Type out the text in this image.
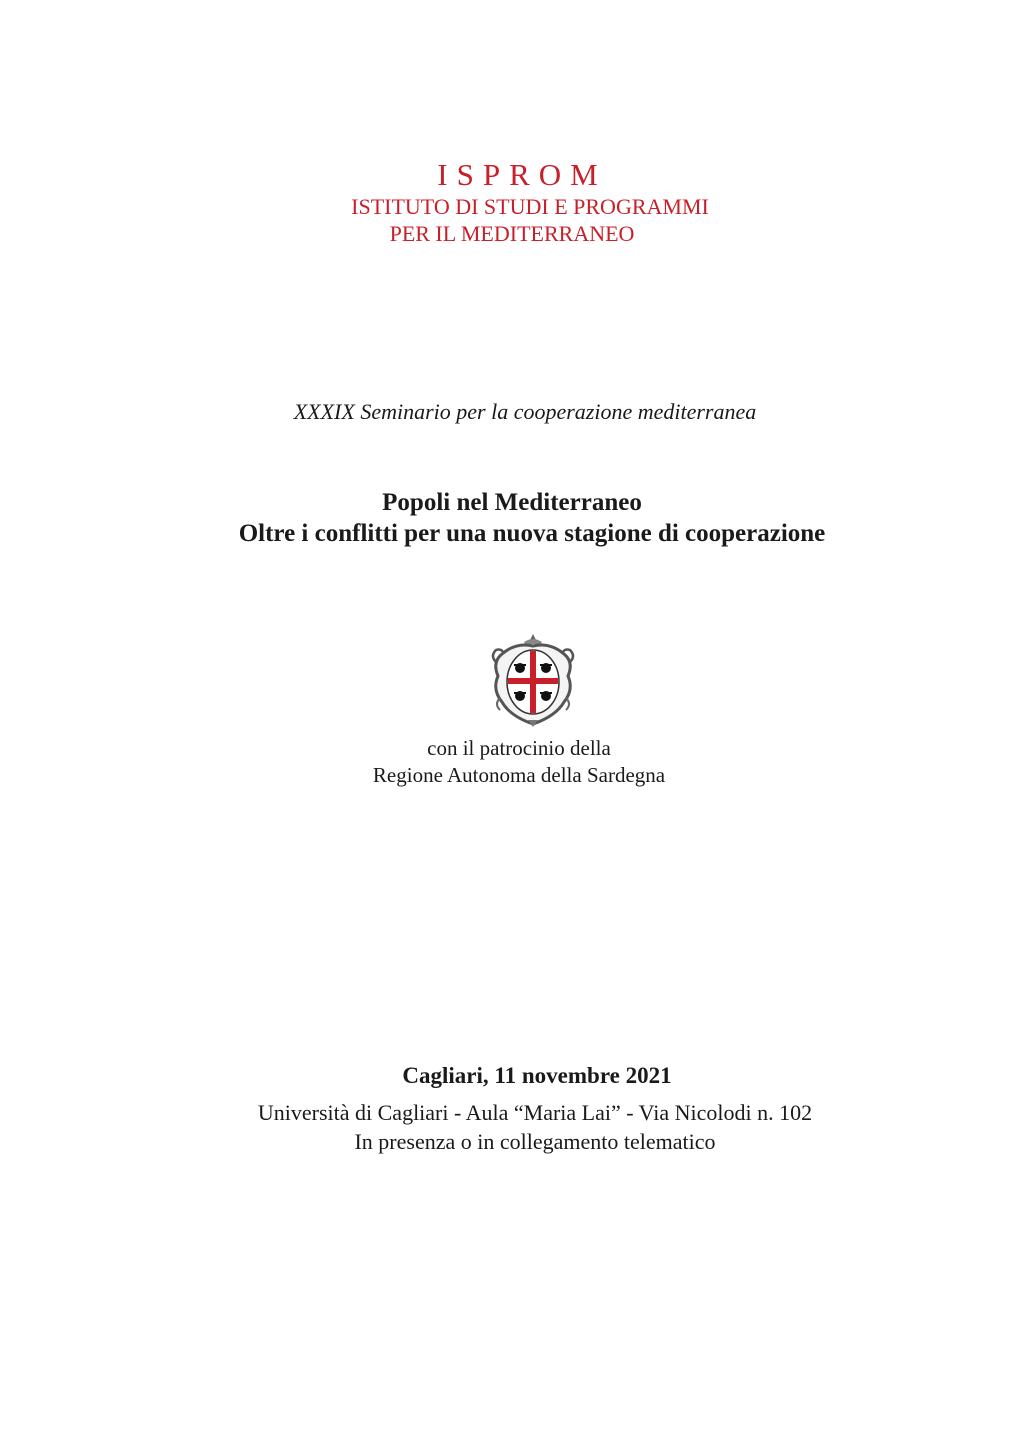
ISPROM
ISTITUTO DI STUDI E PROGRAMMI
PER IL MEDITERRANEO
XXXIX Seminario per la cooperazione mediterranea
Popoli nel Mediterraneo
Oltre i conflitti per una nuova stagione di cooperazione
con il patrocinio della
Regione Autonoma della Sardegna
Cagliari, 11 novembre 2021
Università di Cagliari - Aula “Maria Lai” - Via Nicolodi n. 102
In presenza o in collegamento telematico
